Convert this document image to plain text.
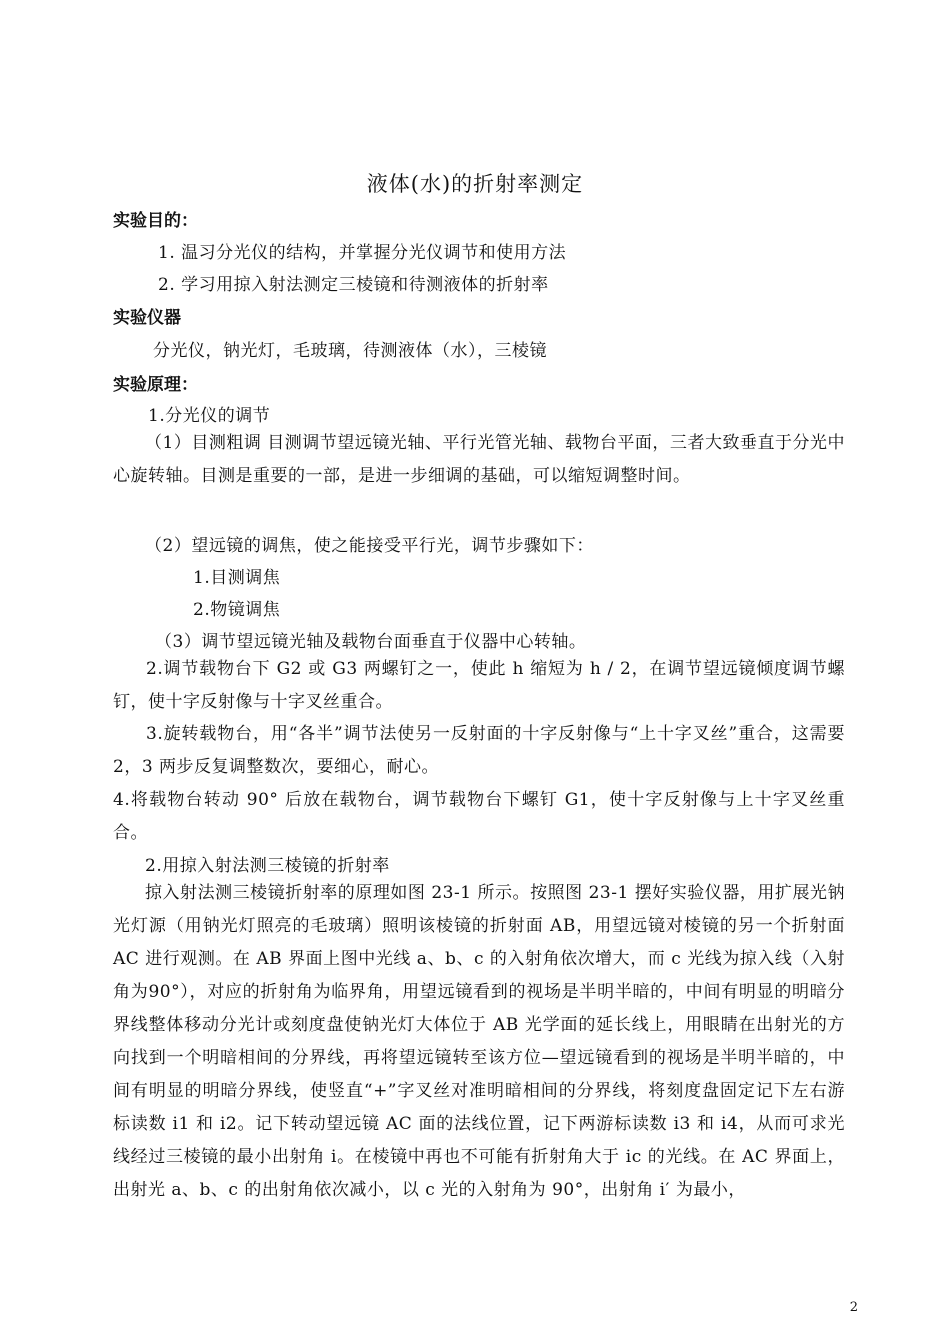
液体(水)的折射率测定
实验目的：
1. 温习分光仪的结构，并掌握分光仪调节和使用方法
2. 学习用掠入射法测定三棱镜和待测液体的折射率
实验仪器
分光仪，钠光灯，毛玻璃，待测液体（水），三棱镜
实验原理：
1.分光仪的调节
（1）目测粗调 目测调节望远镜光轴、平行光管光轴、载物台平面，三者大致垂直于分光中心旋转轴。目测是重要的一部，是进一步细调的基础，可以缩短调整时间。
（2）望远镜的调焦，使之能接受平行光，调节步骤如下：
1.目测调焦
2.物镜调焦
（3）调节望远镜光轴及载物台面垂直于仪器中心转轴。
2.调节载物台下 G2 或 G3 两螺钉之一，使此 h 缩短为 h / 2，在调节望远镜倾度调节螺钉，使十字反射像与十字叉丝重合。
3.旋转载物台，用“各半”调节法使另一反射面的十字反射像与“上十字叉丝”重合，这需要 2，3 两步反复调整数次，要细心，耐心。
4.将载物台转动 90° 后放在载物台，调节载物台下螺钉 G1，使十字反射像与上十字叉丝重合。
2.用掠入射法测三棱镜的折射率
掠入射法测三棱镜折射率的原理如图 23-1 所示。按照图 23-1 摆好实验仪器，用扩展光钠光灯源（用钠光灯照亮的毛玻璃）照明该棱镜的折射面 AB，用望远镜对棱镜的另一个折射面 AC 进行观测。在 AB 界面上图中光线 a、b、c 的入射角依次增大，而 c 光线为掠入线（入射角为90°），对应的折射角为临界角，用望远镜看到的视场是半明半暗的，中间有明显的明暗分界线整体移动分光计或刻度盘使钠光灯大体位于 AB 光学面的延长线上，用眼睛在出射光的方向找到一个明暗相间的分界线，再将望远镜转至该方位—望远镜看到的视场是半明半暗的，中间有明显的明暗分界线，使竖直“+”字叉丝对准明暗相间的分界线，将刻度盘固定记下左右游标读数 i1 和 i2。记下转动望远镜 AC 面的法线位置，记下两游标读数 i3 和 i4，从而可求光线经过三棱镜的最小出射角 i。在棱镜中再也不可能有折射角大于 ic 的光线。在 AC 界面上，出射光 a、b、c 的出射角依次减小，以 c 光的入射角为 90°，出射角 i′ 为最小，
2
